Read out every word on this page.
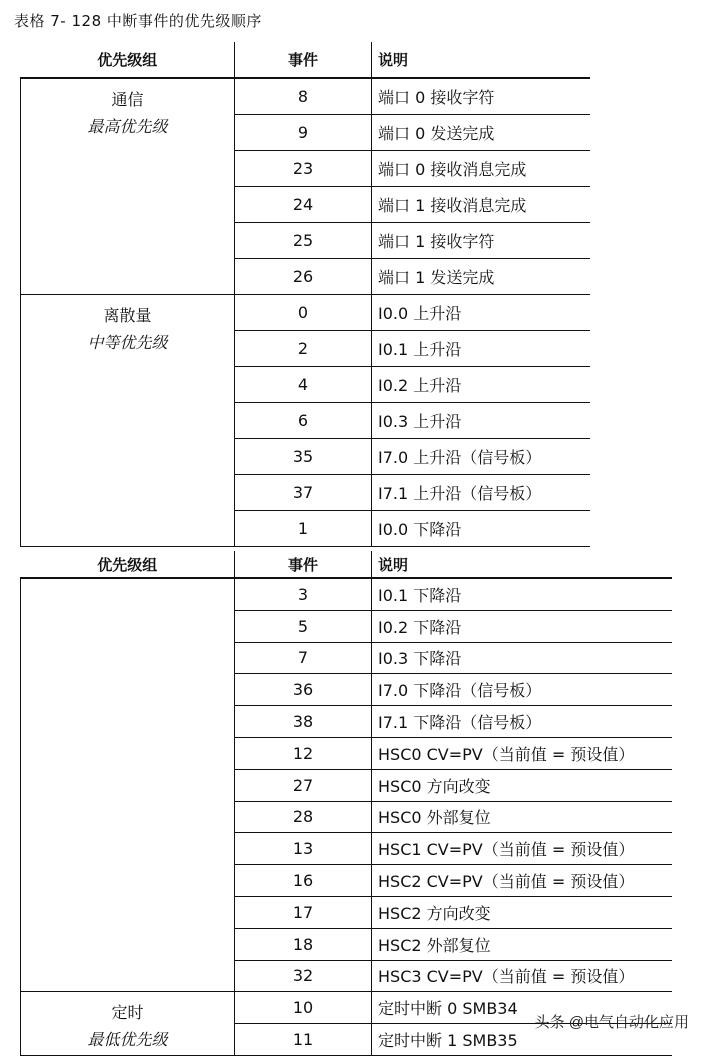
表格 7- 128 中断事件的优先级顺序
优先级组	事件	说明

通信
最高优先级	8	端口 0 接收字符
	9	端口 0 发送完成
	23	端口 0 接收消息完成
	24	端口 1 接收消息完成
	25	端口 1 接收字符
	26	端口 1 发送完成

离散量
中等优先级	0	I0.0 上升沿
	2	I0.1 上升沿
	4	I0.2 上升沿
	6	I0.3 上升沿
	35	I7.0 上升沿（信号板）
	37	I7.1 上升沿（信号板）
	1	I0.0 下降沿
优先级组	事件	说明

	3	I0.1 下降沿
	5	I0.2 下降沿
	7	I0.3 下降沿
	36	I7.0 下降沿（信号板）
	38	I7.1 下降沿（信号板）
	12	HSC0 CV=PV（当前值 = 预设值）
	27	HSC0 方向改变
	28	HSC0 外部复位
	13	HSC1 CV=PV（当前值 = 预设值）
	16	HSC2 CV=PV（当前值 = 预设值）
	17	HSC2 方向改变
	18	HSC2 外部复位
	32	HSC3 CV=PV（当前值 = 预设值）

定时
最低优先级	10	定时中断 0 SMB34
	11	定时中断 1 SMB35
头条 @电气自动化应用
